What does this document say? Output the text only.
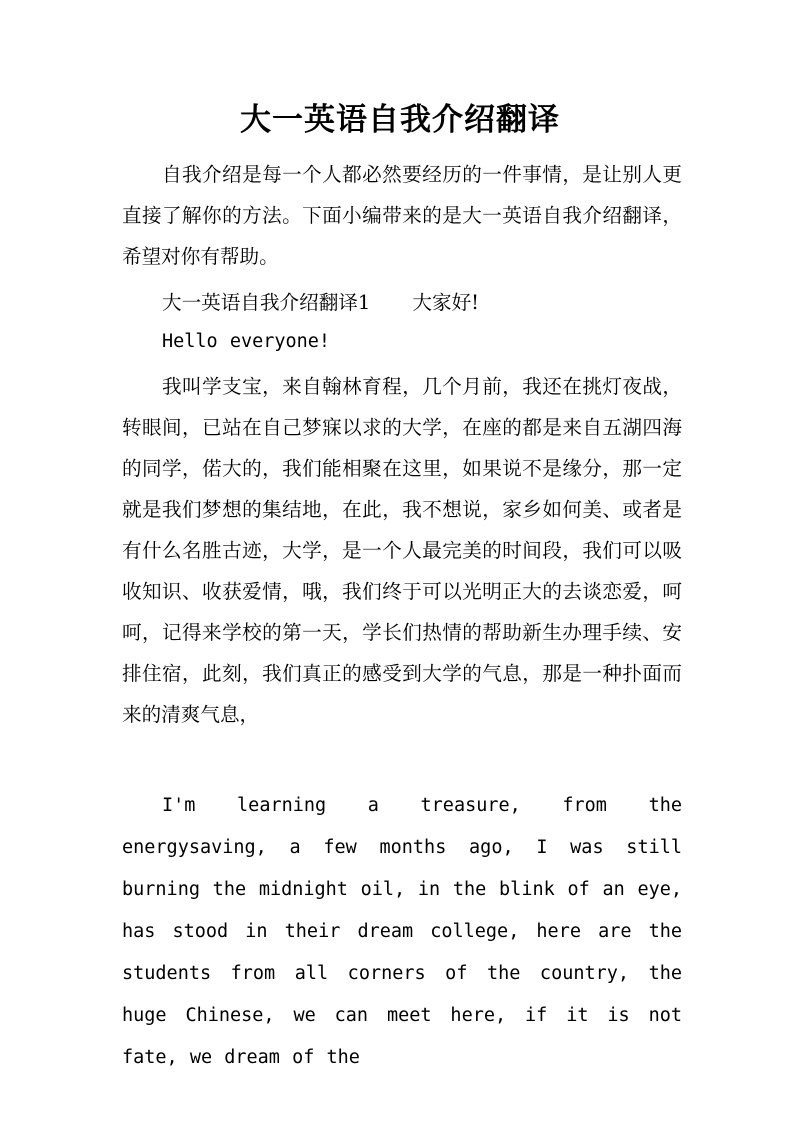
大一英语自我介绍翻译
自我介绍是每一个人都必然要经历的一件事情，是让别人更直接了解你的方法。下面小编带来的是大一英语自我介绍翻译，希望对你有帮助。
大一英语自我介绍翻译1 大家好!
Hello everyone!
我叫学支宝，来自翰林育程，几个月前，我还在挑灯夜战，转眼间，已站在自己梦寐以求的大学，在座的都是来自五湖四海的同学，偌大的，我们能相聚在这里，如果说不是缘分，那一定就是我们梦想的集结地，在此，我不想说，家乡如何美、或者是有什么名胜古迹，大学，是一个人最完美的时间段，我们可以吸收知识、收获爱情，哦，我们终于可以光明正大的去谈恋爱，呵呵，记得来学校的第一天，学长们热情的帮助新生办理手续、安排住宿，此刻，我们真正的感受到大学的气息，那是一种扑面而来的清爽气息，
I'm learning a treasure, from the energysaving, a few months ago, I was still burning the midnight oil, in the blink of an eye, has stood in their dream college, here are the students from all corners of the country, the huge Chinese, we can meet here, if it is not fate, we dream of the
